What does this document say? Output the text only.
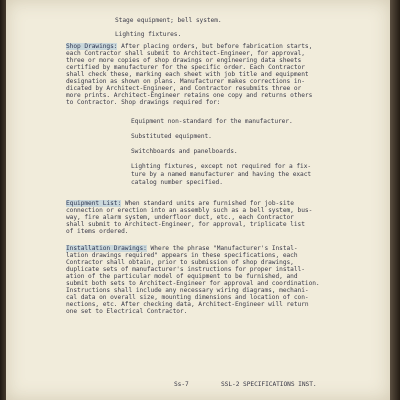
Stage equipment; bell system.
Lighting fixtures.
Shop Drawings: After placing orders, but before fabrication starts,
each Contractor shall submit to Architect-Engineer, for approval,
three or more copies of shop drawings or engineering data sheets
certified by manufacturer for the specific order. Each Contractor
shall check these, marking each sheet with job title and equipment
designation as shown on plans. Manufacturer makes corrections in-
dicated by Architect-Engineer, and Contractor resubmits three or
more prints. Architect-Engineer retains one copy and returns others
to Contractor. Shop drawings required for:
Equipment non-standard for the manufacturer.
Substituted equipment.
Switchboards and panelboards.
Lighting fixtures, except not required for a fix-
ture by a named manufacturer and having the exact
catalog number specified.
Equipment List: When standard units are furnished for job-site
connection or erection into an assembly such as a bell system, bus-
way, fire alarm system, underfloor duct, etc., each Contractor
shall submit to Architect-Engineer, for approval, triplicate list
of items ordered.
Installation Drawings: Where the phrase "Manufacturer's Instal-
lation drawings required" appears in these specifications, each
Contractor shall obtain, prior to submission of shop drawings,
duplicate sets of manufacturer's instructions for proper install-
ation of the particular model of equipment to be furnished, and
submit both sets to Architect-Engineer for approval and coordination.
Instructions shall include any necessary wiring diagrams, mechani-
cal data on overall size, mounting dimensions and location of con-
nections, etc. After checking data, Architect-Engineer will return
one set to Electrical Contractor.
Ss-7	SSL-2 SPECIFICATIONS INST.
